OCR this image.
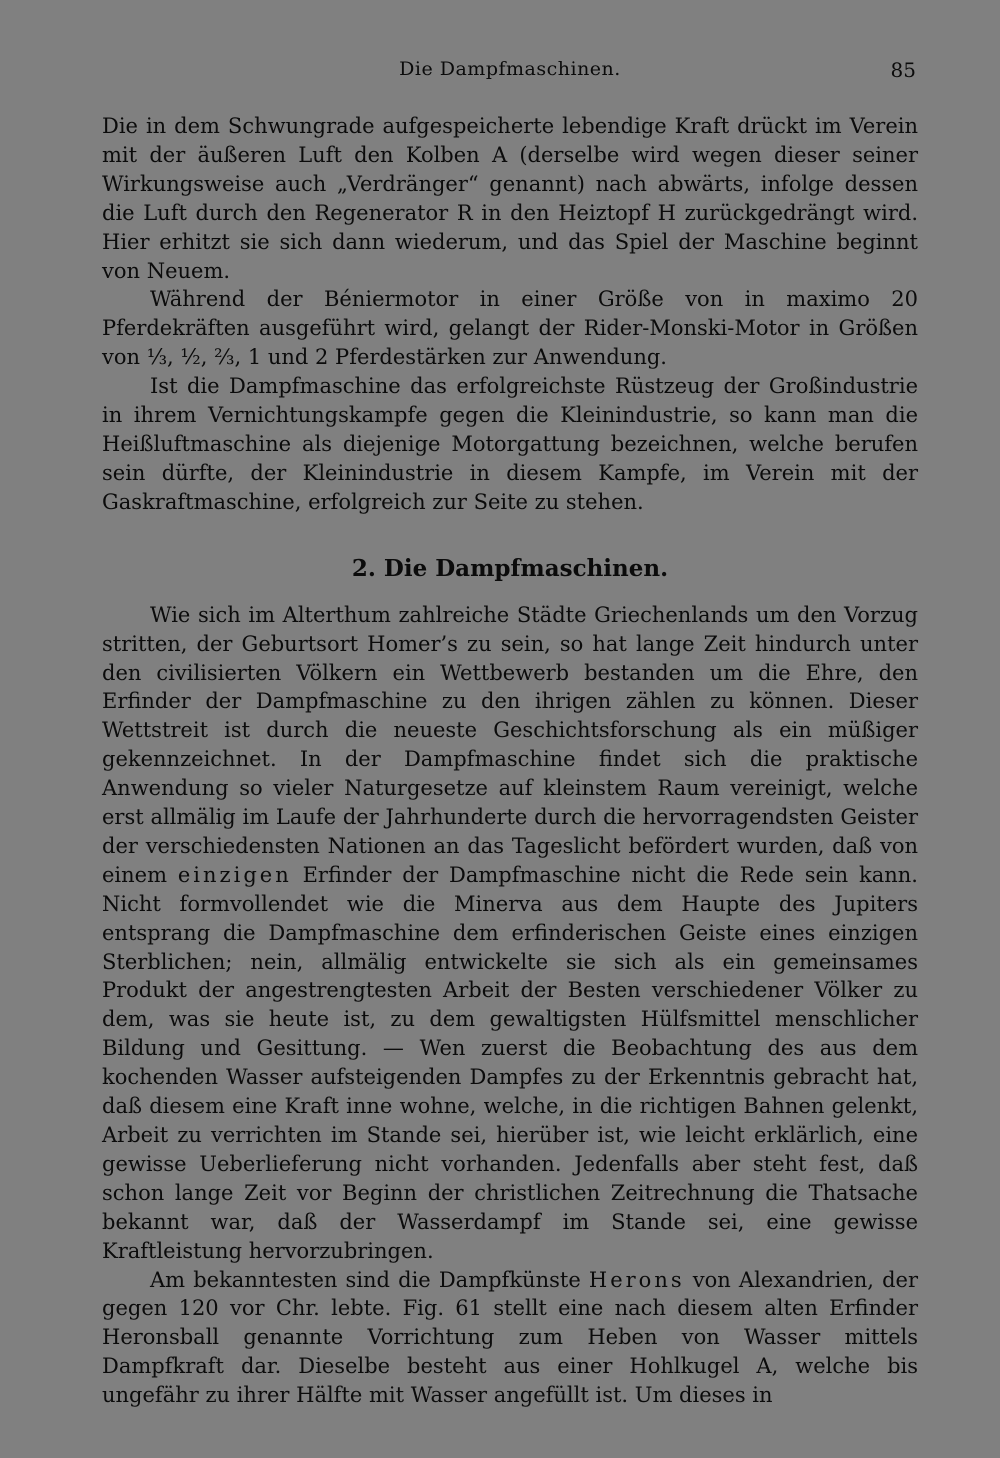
Die Dampfmaschinen.	85

Die in dem Schwungrade aufgespeicherte lebendige Kraft drückt im Verein mit der äußeren Luft den Kolben A (derselbe wird wegen dieser seiner Wirkungsweise auch „Verdränger“ genannt) nach abwärts, infolge dessen die Luft durch den Regenerator R in den Heiztopf H zurückgedrängt wird. Hier erhitzt sie sich dann wiederum, und das Spiel der Maschine beginnt von Neuem.

Während der Béniermotor in einer Größe von in maximo 20 Pferdekräften ausgeführt wird, gelangt der Rider-Monski-Motor in Größen von ⅓, ½, ⅔, 1 und 2 Pferdestärken zur Anwendung.

Ist die Dampfmaschine das erfolgreichste Rüstzeug der Großindustrie in ihrem Vernichtungskampfe gegen die Kleinindustrie, so kann man die Heißluftmaschine als diejenige Motorgattung bezeichnen, welche berufen sein dürfte, der Kleinindustrie in diesem Kampfe, im Verein mit der Gaskraftmaschine, erfolgreich zur Seite zu stehen.

2. Die Dampfmaschinen.

Wie sich im Alterthum zahlreiche Städte Griechenlands um den Vorzug stritten, der Geburtsort Homer’s zu sein, so hat lange Zeit hindurch unter den civilisierten Völkern ein Wettbewerb bestanden um die Ehre, den Erfinder der Dampfmaschine zu den ihrigen zählen zu können. Dieser Wettstreit ist durch die neueste Geschichtsforschung als ein müßiger gekennzeichnet. In der Dampfmaschine findet sich die praktische Anwendung so vieler Naturgesetze auf kleinstem Raum vereinigt, welche erst allmälig im Laufe der Jahrhunderte durch die hervorragendsten Geister der verschiedensten Nationen an das Tageslicht befördert wurden, daß von einem einzigen Erfinder der Dampfmaschine nicht die Rede sein kann. Nicht formvollendet wie die Minerva aus dem Haupte des Jupiters entsprang die Dampfmaschine dem erfinderischen Geiste eines einzigen Sterblichen; nein, allmälig entwickelte sie sich als ein gemeinsames Produkt der angestrengtesten Arbeit der Besten verschiedener Völker zu dem, was sie heute ist, zu dem gewaltigsten Hülfsmittel menschlicher Bildung und Gesittung. — Wen zuerst die Beobachtung des aus dem kochenden Wasser aufsteigenden Dampfes zu der Erkenntnis gebracht hat, daß diesem eine Kraft inne wohne, welche, in die richtigen Bahnen gelenkt, Arbeit zu verrichten im Stande sei, hierüber ist, wie leicht erklärlich, eine gewisse Ueberlieferung nicht vorhanden. Jedenfalls aber steht fest, daß schon lange Zeit vor Beginn der christlichen Zeitrechnung die Thatsache bekannt war, daß der Wasserdampf im Stande sei, eine gewisse Kraftleistung hervorzubringen.

Am bekanntesten sind die Dampfkünste Herons von Alexandrien, der gegen 120 vor Chr. lebte. Fig. 61 stellt eine nach diesem alten Erfinder Heronsball genannte Vorrichtung zum Heben von Wasser mittels Dampfkraft dar. Dieselbe besteht aus einer Hohlkugel A, welche bis ungefähr zu ihrer Hälfte mit Wasser angefüllt ist. Um dieses in
